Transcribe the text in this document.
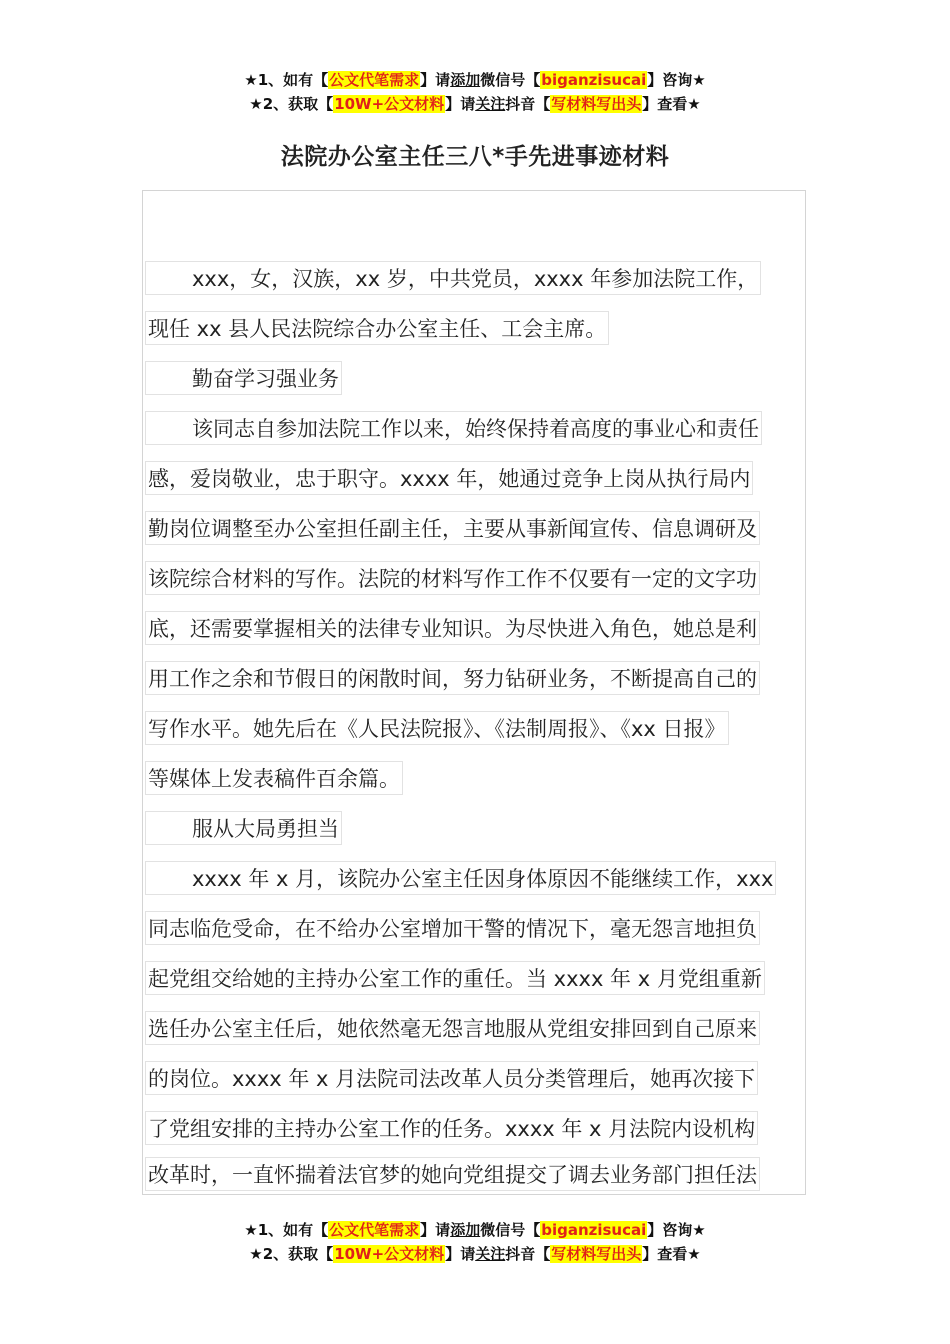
★1、如有【公文代笔需求】请添加微信号【biganzisucai】咨询★
★2、获取【10W+公文材料】请关注抖音【写材料写出头】查看★
法院办公室主任三八*手先进事迹材料
xxx，女，汉族，xx 岁，中共党员，xxxx 年参加法院工作，
现任 xx 县人民法院综合办公室主任、工会主席。
勤奋学习强业务
该同志自参加法院工作以来，始终保持着高度的事业心和责任
感，爱岗敬业，忠于职守。xxxx 年，她通过竞争上岗从执行局内
勤岗位调整至办公室担任副主任，主要从事新闻宣传、信息调研及
该院综合材料的写作。法院的材料写作工作不仅要有一定的文字功
底，还需要掌握相关的法律专业知识。为尽快进入角色，她总是利
用工作之余和节假日的闲散时间，努力钻研业务，不断提高自己的
写作水平。她先后在《人民法院报》、《法制周报》、《xx 日报》
等媒体上发表稿件百余篇。
服从大局勇担当
xxxx 年 x 月，该院办公室主任因身体原因不能继续工作，xxx
同志临危受命，在不给办公室增加干警的情况下，毫无怨言地担负
起党组交给她的主持办公室工作的重任。当 xxxx 年 x 月党组重新
选任办公室主任后，她依然毫无怨言地服从党组安排回到自己原来
的岗位。xxxx 年 x 月法院司法改革人员分类管理后，她再次接下
了党组安排的主持办公室工作的任务。xxxx 年 x 月法院内设机构
改革时，一直怀揣着法官梦的她向党组提交了调去业务部门担任法
★1、如有【公文代笔需求】请添加微信号【biganzisucai】咨询★
★2、获取【10W+公文材料】请关注抖音【写材料写出头】查看★
